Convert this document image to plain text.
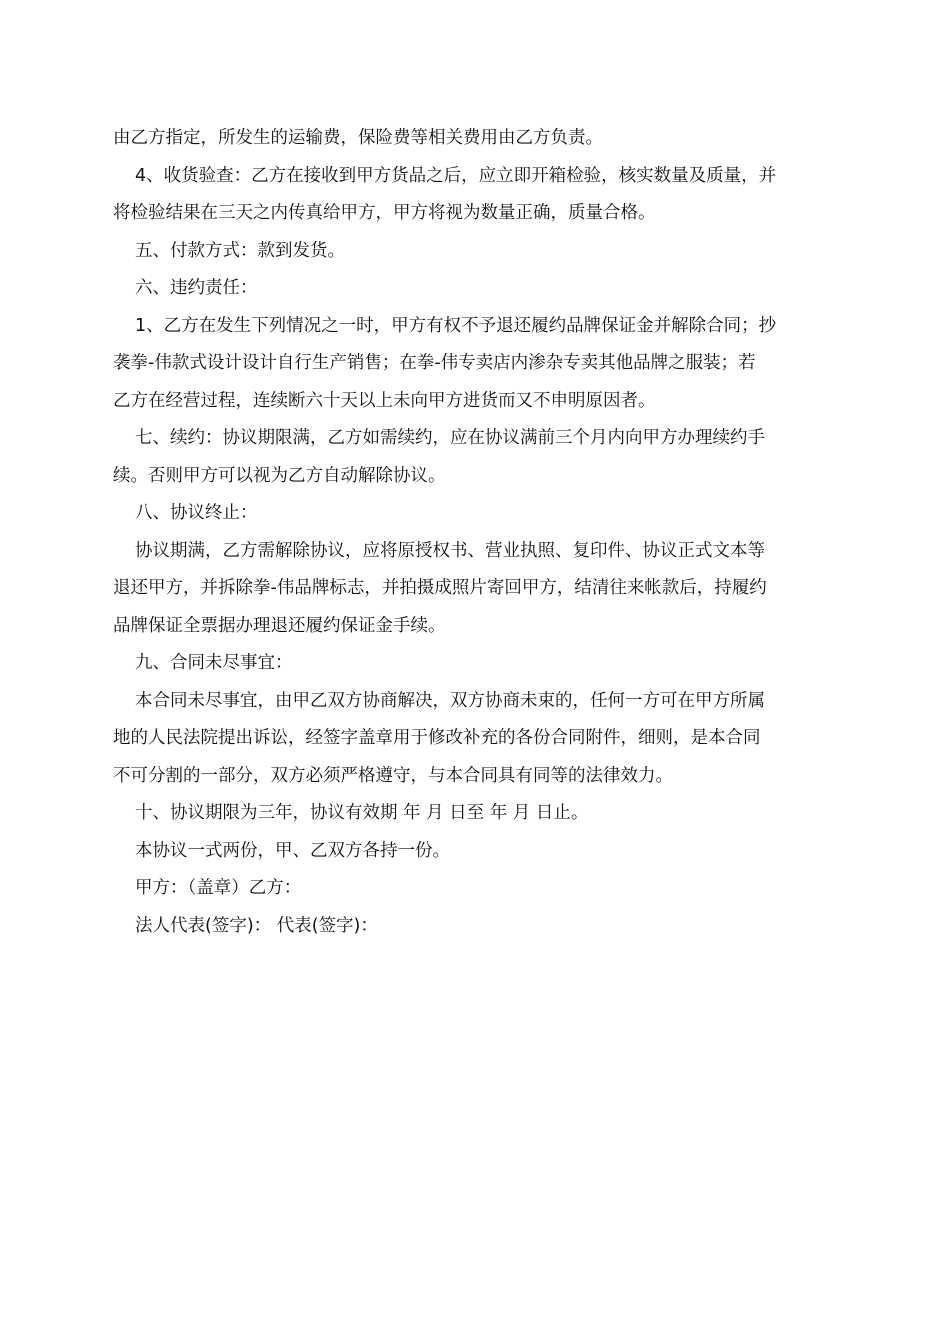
由乙方指定，所发生的运输费，保险费等相关费用由乙方负责。
4、收货验查：乙方在接收到甲方货品之后，应立即开箱检验，核实数量及质量，并
将检验结果在三天之内传真给甲方，甲方将视为数量正确，质量合格。
五、付款方式：款到发货。
六、违约责任：
1、乙方在发生下列情况之一时，甲方有权不予退还履约品牌保证金并解除合同；抄
袭拳-伟款式设计设计自行生产销售；在拳-伟专卖店内渗杂专卖其他品牌之服装；若
乙方在经营过程，连续断六十天以上未向甲方进货而又不申明原因者。
七、续约：协议期限满，乙方如需续约，应在协议满前三个月内向甲方办理续约手
续。否则甲方可以视为乙方自动解除协议。
八、协议终止：
协议期满，乙方需解除协议，应将原授权书、营业执照、复印件、协议正式文本等
退还甲方，并拆除拳-伟品牌标志，并拍摄成照片寄回甲方，结清往来帐款后，持履约
品牌保证全票据办理退还履约保证金手续。
九、合同未尽事宜：
本合同未尽事宜，由甲乙双方协商解决，双方协商未束的，任何一方可在甲方所属
地的人民法院提出诉讼，经签字盖章用于修改补充的各份合同附件，细则，是本合同
不可分割的一部分，双方必须严格遵守，与本合同具有同等的法律效力。
十、协议期限为三年，协议有效期 年 月 日至 年 月 日止。
本协议一式两份，甲、乙双方各持一份。
甲方：（盖章）乙方：
法人代表(签字)： 代表(签字)：
